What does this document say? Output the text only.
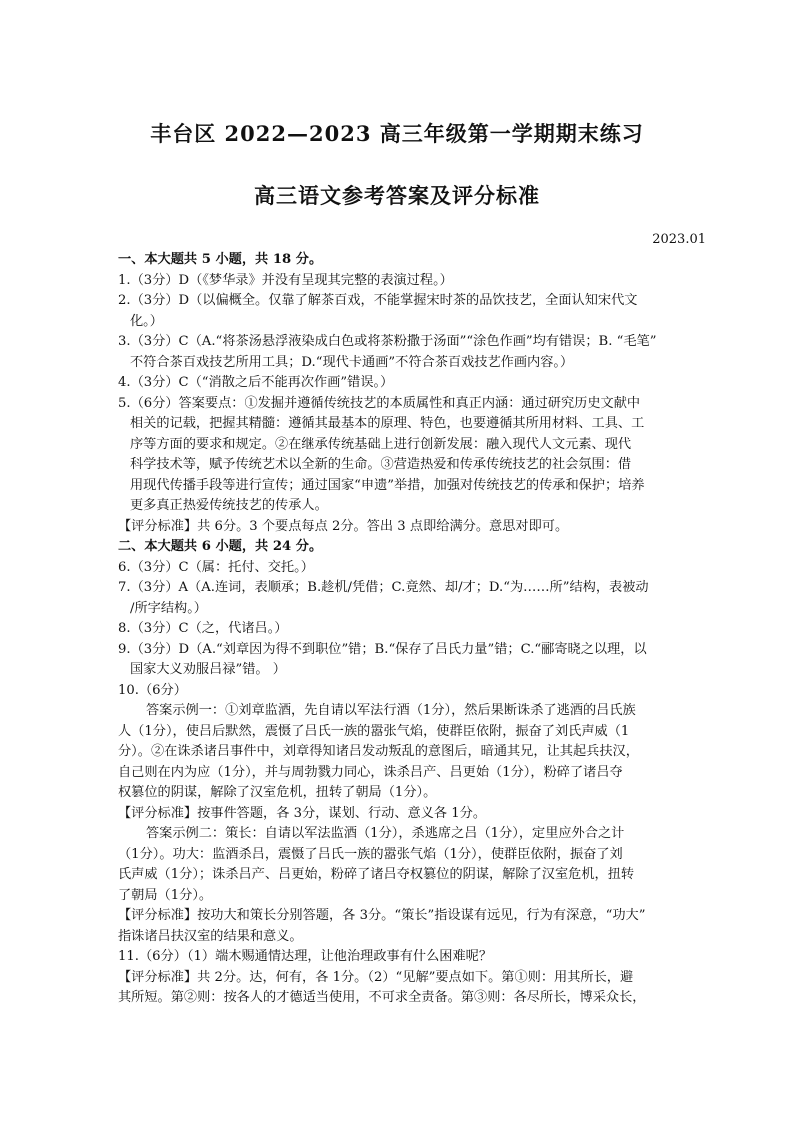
丰台区 2022—2023 高三年级第一学期期末练习
高三语文参考答案及评分标准
2023.01
一、本大题共 5 小题，共 18 分。
1.（3分）D（《梦华录》并没有呈现其完整的表演过程。）
2.（3分）D（以偏概全。仅靠了解茶百戏，不能掌握宋时茶的品饮技艺，全面认知宋代文
化。）
3.（3分）C（A.“将茶汤悬浮液染成白色或将茶粉撒于汤面”“涂色作画”均有错误；B. “毛笔”
不符合茶百戏技艺所用工具；D.“现代卡通画”不符合茶百戏技艺作画内容。）
4.（3分）C（“消散之后不能再次作画”错误。）
5.（6分）答案要点：①发掘并遵循传统技艺的本质属性和真正内涵：通过研究历史文献中
相关的记载，把握其精髓：遵循其最基本的原理、特色，也要遵循其所用材料、工具、工
序等方面的要求和规定。②在继承传统基础上进行创新发展：融入现代人文元素、现代
科学技术等，赋予传统艺术以全新的生命。③营造热爱和传承传统技艺的社会氛围：借
用现代传播手段等进行宣传；通过国家“申遗”举措，加强对传统技艺的传承和保护；培养
更多真正热爱传统技艺的传承人。
【评分标准】共 6分。3 个要点每点 2分。答出 3 点即给满分。意思对即可。
二、本大题共 6 小题，共 24 分。
6.（3分）C（属：托付、交托。）
7.（3分）A（A.连词，表顺承；B.趁机/凭借；C.竟然、却/才；D.“为……所”结构，表被动
/所字结构。）
8.（3分）C（之，代诸吕。）
9.（3分）D（A.“刘章因为得不到职位”错；B.“保存了吕氏力量”错；C.“郦寄晓之以理，以
国家大义劝服吕禄”错。 ）
10.（6分）
答案示例一：①刘章监酒，先自请以军法行酒（1分），然后果断诛杀了逃酒的吕氏族
人（1分），使吕后默然，震慑了吕氏一族的嚣张气焰，使群臣依附，振奋了刘氏声威（1
分）。②在诛杀诸吕事件中，刘章得知诸吕发动叛乱的意图后，暗通其兄，让其起兵扶汉，
自己则在内为应（1分），并与周勃戮力同心，诛杀吕产、吕更始（1分），粉碎了诸吕夺
权篡位的阴谋，解除了汉室危机，扭转了朝局（1分）。
【评分标准】按事件答题，各 3分，谋划、行动、意义各 1分。
答案示例二：策长：自请以军法监酒（1分），杀逃席之吕（1分），定里应外合之计
（1分）。功大：监酒杀吕，震慑了吕氏一族的嚣张气焰（1分），使群臣依附，振奋了刘
氏声威（1分）；诛杀吕产、吕更始，粉碎了诸吕夺权篡位的阴谋，解除了汉室危机，扭转
了朝局（1分）。
【评分标准】按功大和策长分别答题，各 3分。“策长”指设谋有远见，行为有深意，“功大”
指诛诸吕扶汉室的结果和意义。
11.（6分）（1）端木赐通情达理，让他治理政事有什么困难呢？
【评分标准】共 2分。达，何有，各 1分。（2）“见解”要点如下。第①则：用其所长，避
其所短。第②则：按各人的才德适当使用，不可求全责备。第③则：各尽所长，博采众长，
